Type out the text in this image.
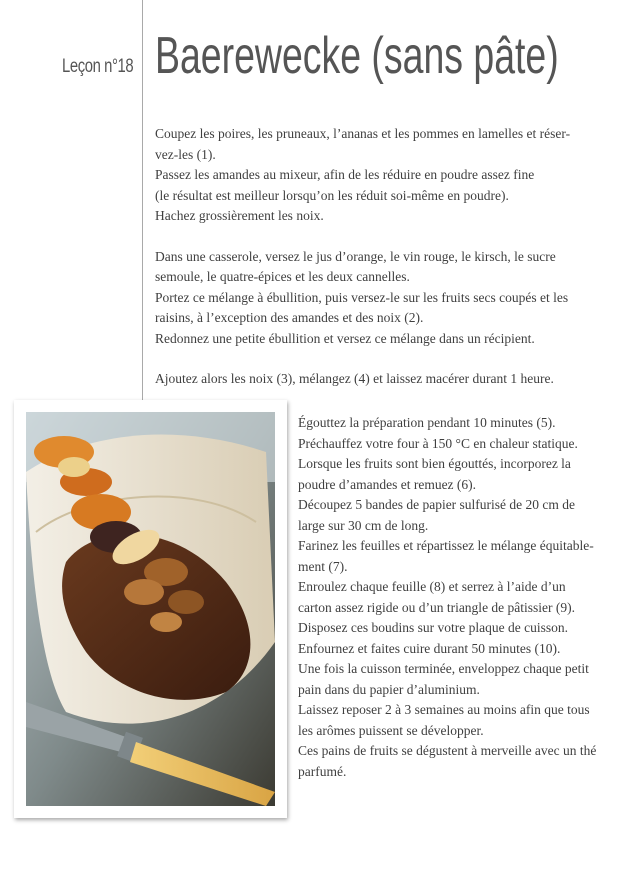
Leçon n°18 Baerewecke (sans pâte)

Coupez les poires, les pruneaux, l’ananas et les pommes en lamelles et réser-

vez-les (1).

Passez les amandes au mixeur, afin de les réduire en poudre assez fine

(le résultat est meilleur lorsqu’on les réduit soi-même en poudre).

Hachez grossièrement les noix.

Dans une casserole, versez le jus d’orange, le vin rouge, le kirsch, le sucre

semoule, le quatre-épices et les deux cannelles.

Portez ce mélange à ébullition, puis versez-le sur les fruits secs coupés et les

raisins, à l’exception des amandes et des noix (2).

Redonnez une petite ébullition et versez ce mélange dans un récipient.

Ajoutez alors les noix (3), mélangez (4) et laissez macérer durant 1 heure.

Égouttez la préparation pendant 10 minutes (5).

Préchauffez votre four à 150 °C en chaleur statique.

Lorsque les fruits sont bien égouttés, incorporez la

poudre d’amandes et remuez (6).

Découpez 5 bandes de papier sulfurisé de 20 cm de

large sur 30 cm de long.

Farinez les feuilles et répartissez le mélange équitable-

ment (7).

Enroulez chaque feuille (8) et serrez à l’aide d’un

carton assez rigide ou d’un triangle de pâtissier (9).

Disposez ces boudins sur votre plaque de cuisson.

Enfournez et faites cuire durant 50 minutes (10).

Une fois la cuisson terminée, enveloppez chaque petit

pain dans du papier d’aluminium.

Laissez reposer 2 à 3 semaines au moins afin que tous

les arômes puissent se développer.

Ces pains de fruits se dégustent à merveille avec un thé

parfumé.
